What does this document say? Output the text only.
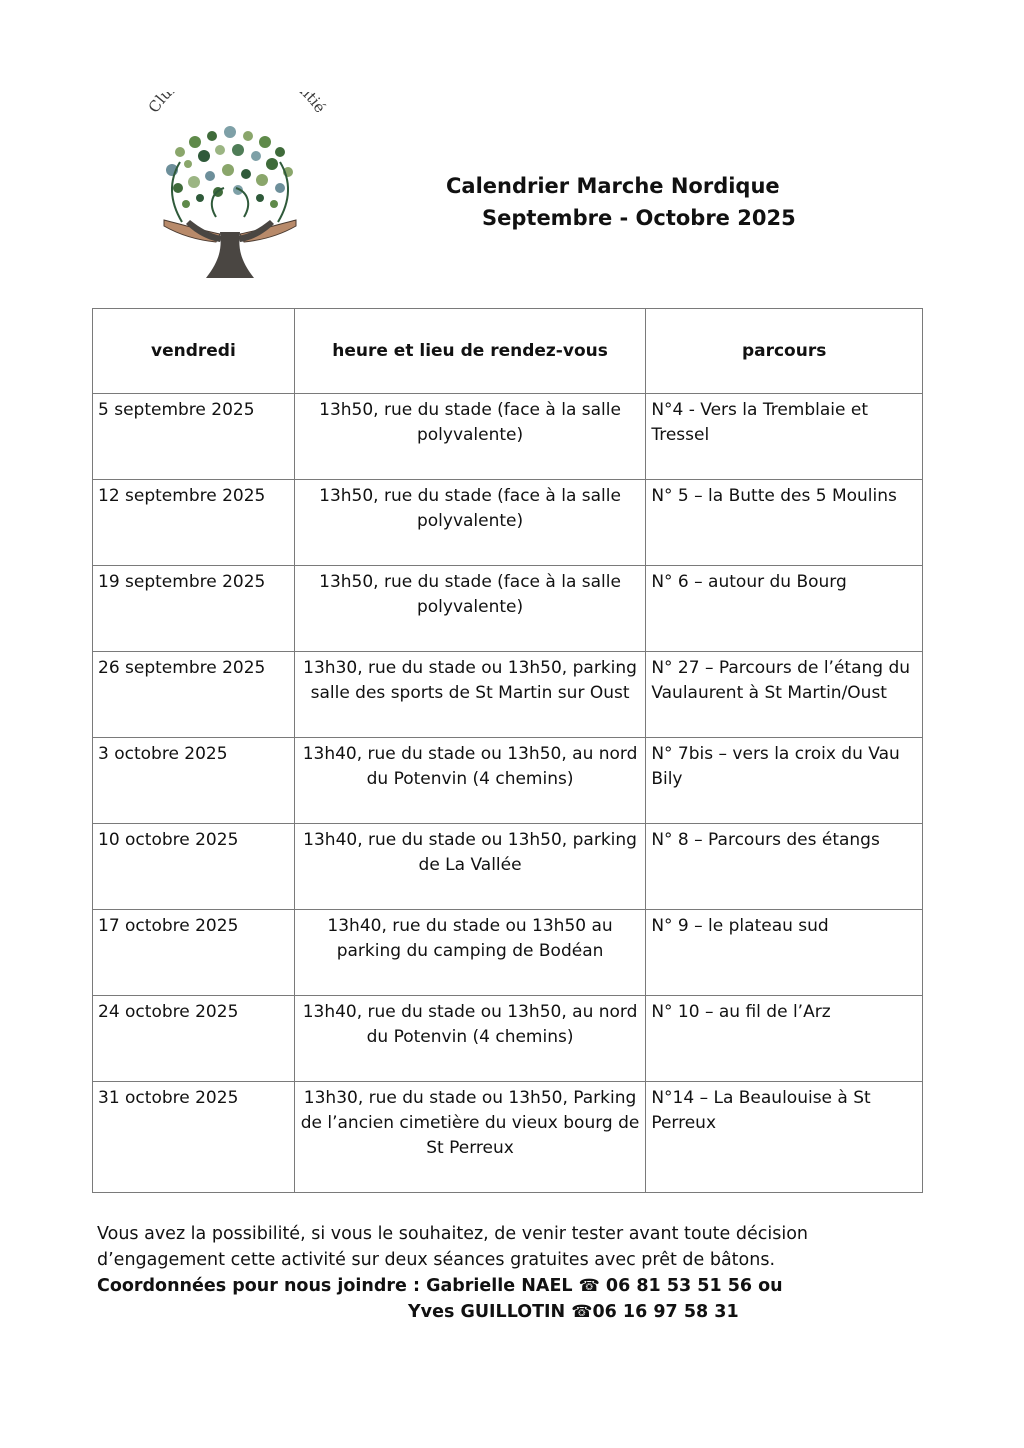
Clu itié
Calendrier Marche Nordique
Septembre - Octobre 2025
vendredi	heure et lieu de rendez-vous	parcours
5 septembre 2025	13h50, rue du stade (face à la salle polyvalente)	N°4 - Vers la Tremblaie et Tressel
12 septembre 2025	13h50, rue du stade (face à la salle polyvalente)	N° 5 – la Butte des 5 Moulins
19 septembre 2025	13h50, rue du stade (face à la salle polyvalente)	N° 6 – autour du Bourg
26 septembre 2025	13h30, rue du stade ou 13h50, parking salle des sports de St Martin sur Oust	N° 27 – Parcours de l’étang du Vaulaurent à St Martin/Oust
3 octobre 2025	13h40, rue du stade ou 13h50, au nord du Potenvin (4 chemins)	N° 7bis – vers la croix du Vau Bily
10 octobre 2025	13h40, rue du stade ou 13h50, parking de La Vallée	N° 8 – Parcours des étangs
17 octobre 2025	13h40, rue du stade ou 13h50 au parking du camping de Bodéan	N° 9 – le plateau sud
24 octobre 2025	13h40, rue du stade ou 13h50, au nord du Potenvin (4 chemins)	N° 10 – au fil de l’Arz
31 octobre 2025	13h30, rue du stade ou 13h50, Parking de l’ancien cimetière du vieux bourg de St Perreux	N°14 – La Beaulouise à St Perreux
Vous avez la possibilité, si vous le souhaitez, de venir tester avant toute décision
d’engagement cette activité sur deux séances gratuites avec prêt de bâtons.
Coordonnées pour nous joindre : Gabrielle NAEL ☎ 06 81 53 51 56 ou
Yves GUILLOTIN ☎06 16 97 58 31
